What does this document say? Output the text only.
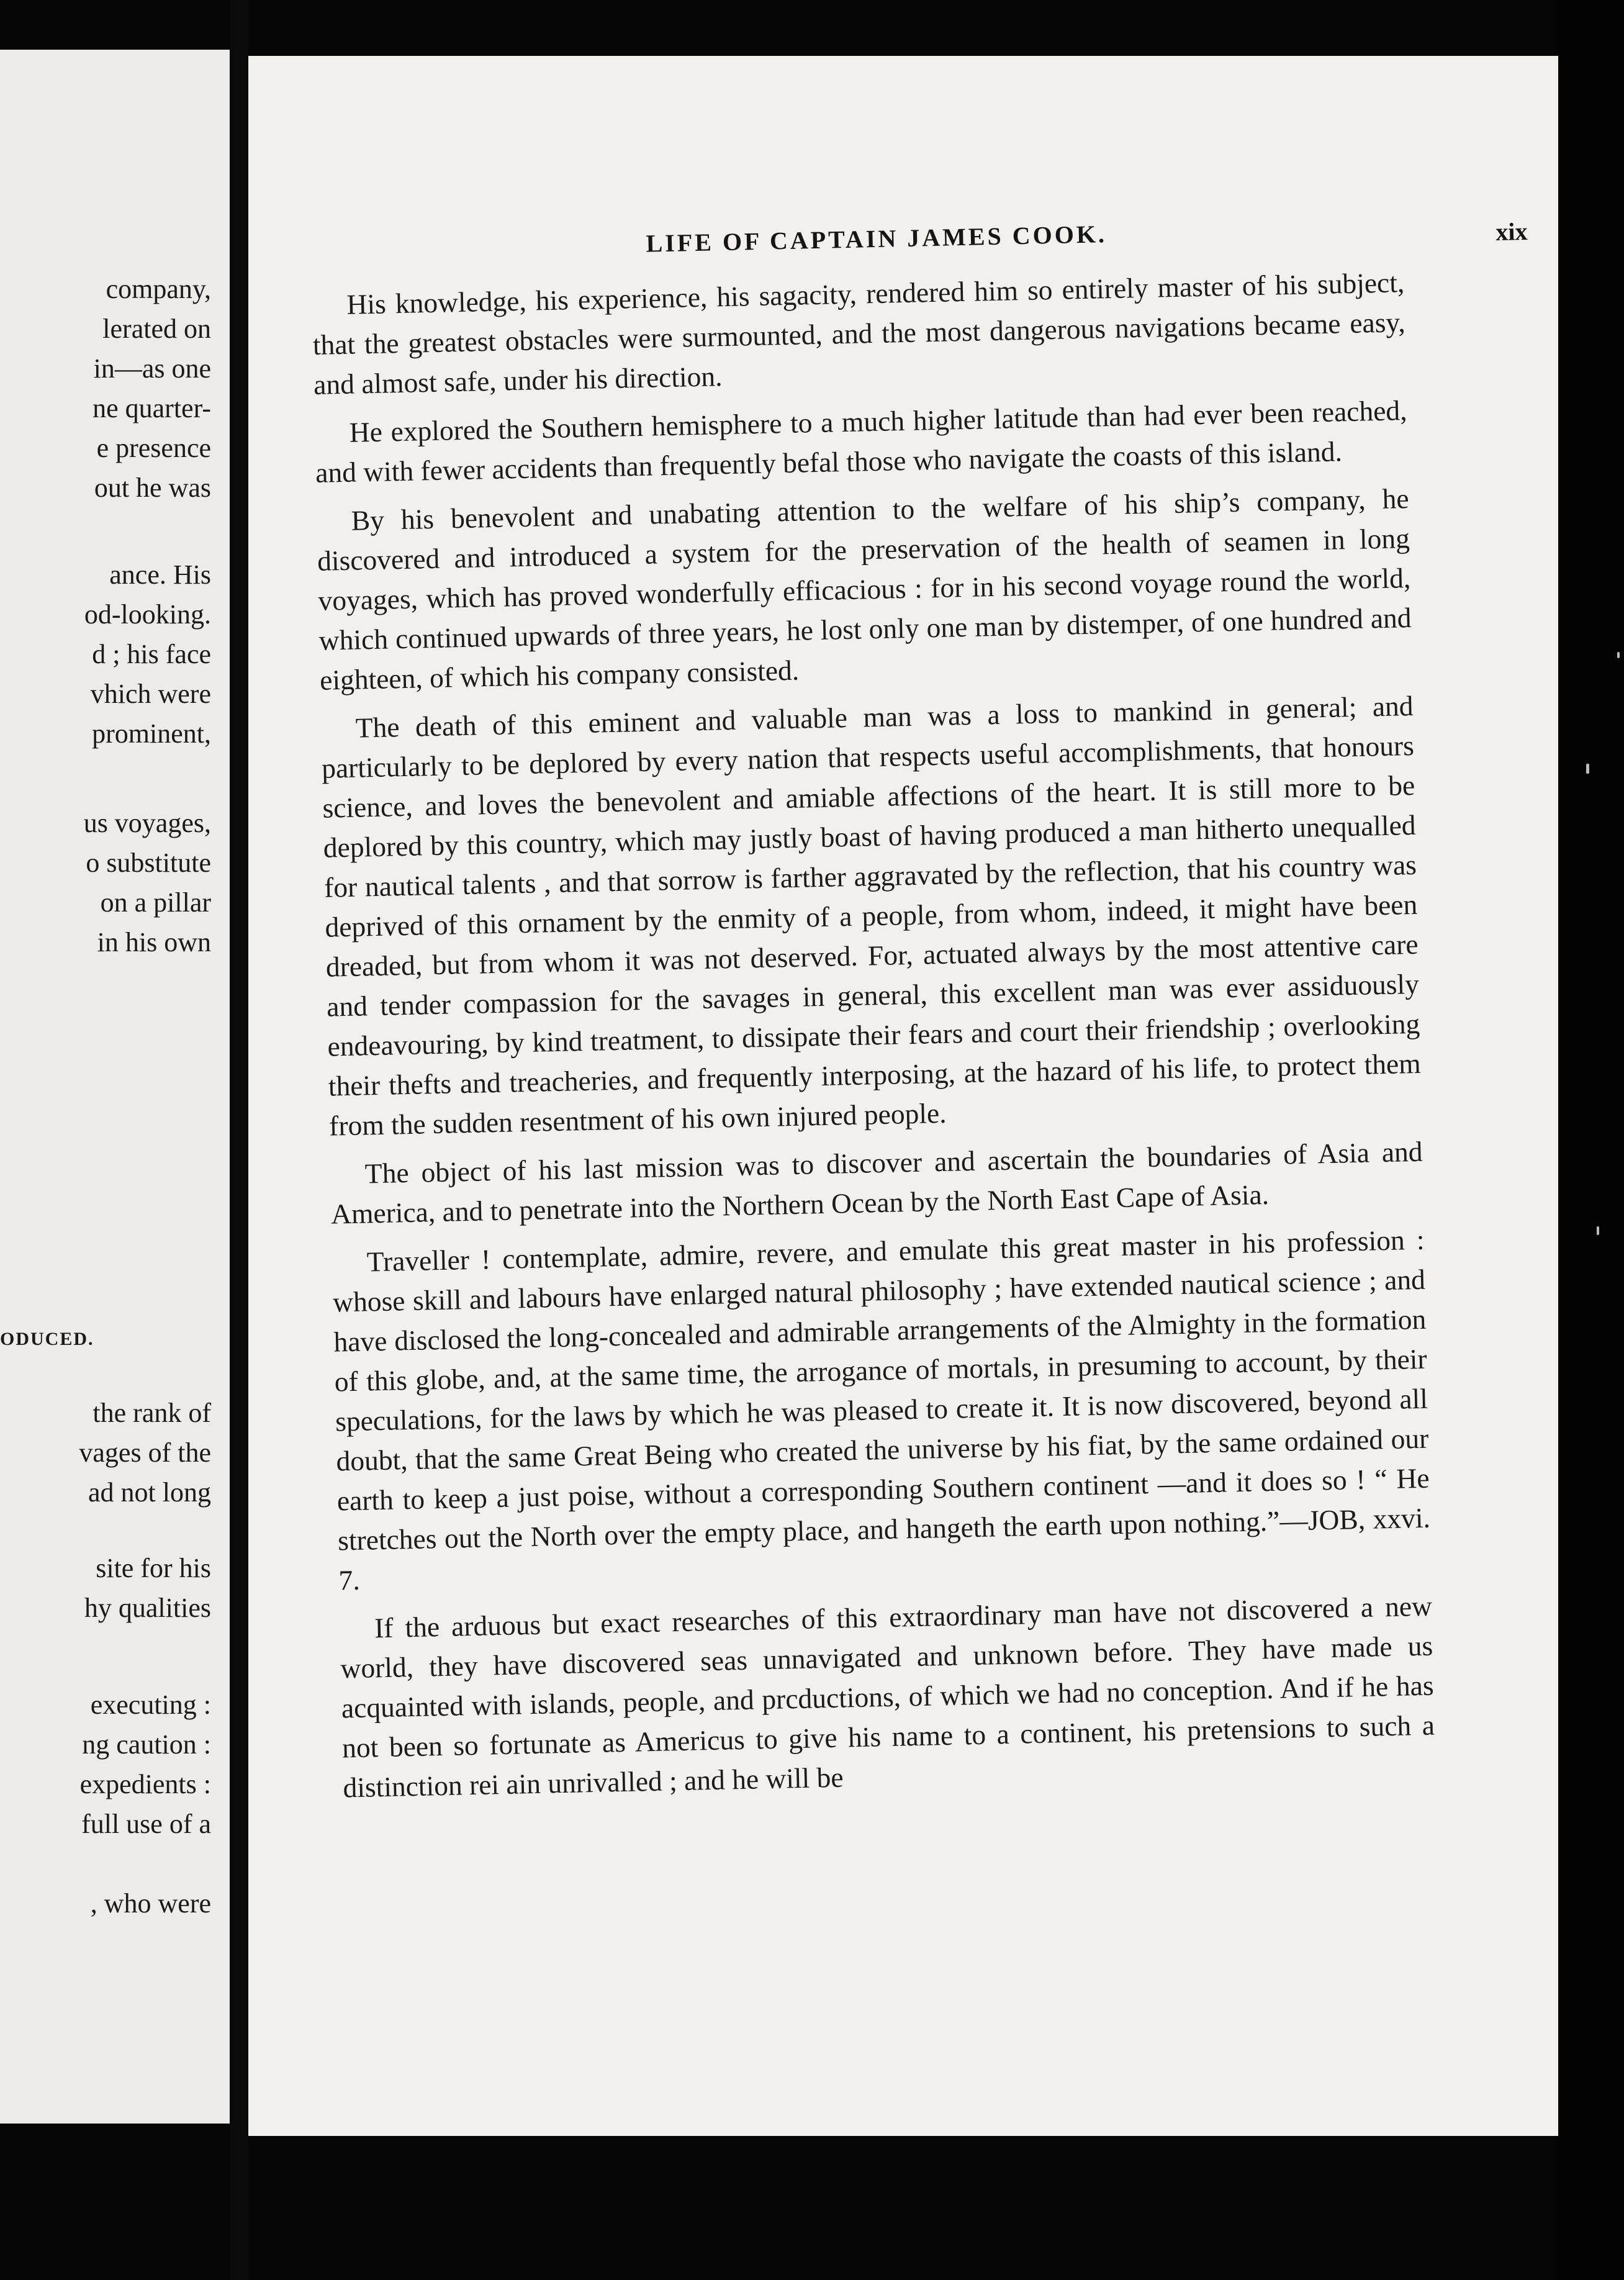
company,
lerated on
in—as one
ne quarter-
e presence
out he was
ance. His
od-looking.
d ; his face
vhich were
prominent,
us voyages,
o substitute
on a pillar
in his own
ODUCED.
the rank of
vages of the
ad not long
site for his
hy qualities
executing :
ng caution :
expedients :
full use of a
, who were
LIFE OF CAPTAIN JAMES COOK.	xix

His knowledge, his experience, his sagacity, rendered him so entirely master of his subject, that the greatest obstacles were surmounted, and the most dangerous navigations became easy, and almost safe, under his direction.

He explored the Southern hemisphere to a much higher latitude than had ever been reached, and with fewer accidents than frequently befal those who navigate the coasts of this island.

By his benevolent and unabating attention to the welfare of his ship’s company, he discovered and introduced a system for the preservation of the health of seamen in long voyages, which has proved wonderfully efficacious : for in his second voyage round the world, which continued upwards of three years, he lost only one man by distemper, of one hundred and eighteen, of which his company consisted.

The death of this eminent and valuable man was a loss to mankind in general; and particularly to be deplored by every nation that respects useful accomplishments, that honours science, and loves the benevolent and amiable affections of the heart. It is still more to be deplored by this country, which may justly boast of having produced a man hitherto unequalled for nautical talents , and that sorrow is farther aggravated by the reflection, that his country was deprived of this ornament by the enmity of a people, from whom, indeed, it might have been dreaded, but from whom it was not deserved. For, actuated always by the most attentive care and tender compassion for the savages in general, this excellent man was ever assiduously endeavouring, by kind treatment, to dissipate their fears and court their friendship ; overlooking their thefts and treacheries, and frequently interposing, at the hazard of his life, to protect them from the sudden resentment of his own injured people.

The object of his last mission was to discover and ascertain the boundaries of Asia and America, and to penetrate into the Northern Ocean by the North East Cape of Asia.

Traveller ! contemplate, admire, revere, and emulate this great master in his profession : whose skill and labours have enlarged natural philosophy ; have extended nautical science ; and have disclosed the long-concealed and admirable arrangements of the Almighty in the formation of this globe, and, at the same time, the arrogance of mortals, in presuming to account, by their speculations, for the laws by which he was pleased to create it. It is now discovered, beyond all doubt, that the same Great Being who created the universe by his fiat, by the same ordained our earth to keep a just poise, without a corresponding Southern continent —and it does so ! “ He stretches out the North over the empty place, and hangeth the earth upon nothing.”—JOB, xxvi. 7.

If the arduous but exact researches of this extraordinary man have not discovered a new world, they have discovered seas unnavigated and unknown before. They have made us acquainted with islands, people, and prcductions, of which we had no conception. And if he has not been so fortunate as Americus to give his name to a continent, his pretensions to such a distinction rei ain unrivalled ; and he will be
